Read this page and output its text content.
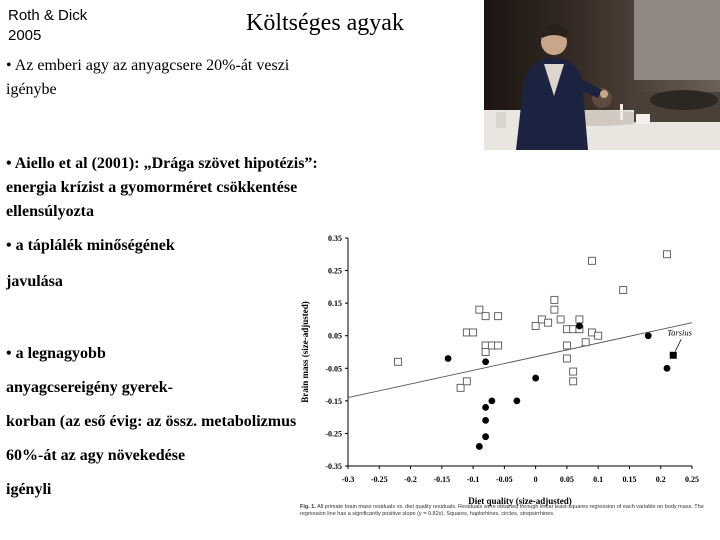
Roth & Dick
2005	Költséges agyak
• Az emberi agy az anyagcsere 20%-át veszi
igénybe
• Aiello et al (2001): „Drága szövet hipotézis”:
energia krízist a gyomorméret csökkentése
ellensúlyozta
• a táplálék minőségének
javulása
• a legnagyobb
anyagcsereigény gyerek-
korban (az eső évig: az össz. metabolizmus
60%-át az agy növekedése
igényli
0.35
0.25
0.15
0.05
-0.05
-0.15
-0.25
-0.35
-0.3 -0.25 -0.2 -0.15 -0.1 -0.05	0	0.05 0.1 0.15 0.2 0.25
Diet quality (size-adjusted)
Brain mass (size-adjusted)	Tarsius
Fig. 1. All primate brain mass residuals vs. diet quality residuals. Residuals were obtained through linear least-squares regression of each variable on body mass. The regression line has a significantly positive slope (y = 0.82x). Squares, haplorhines, circles, strepsirrhines.
